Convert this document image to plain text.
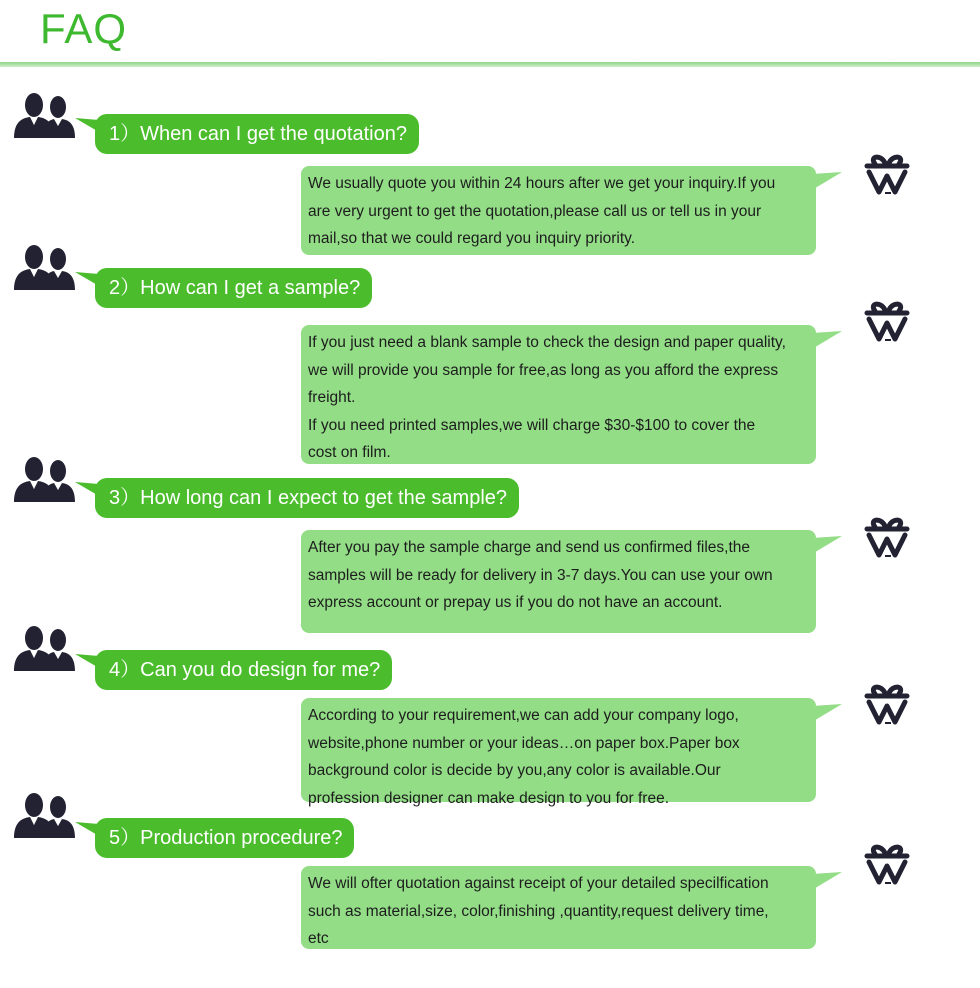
FAQ
1）When can I get the quotation?
We usually quote you within 24 hours after we get your inquiry.If you
are very urgent to get the quotation,please call us or tell us in your
mail,so that we could regard you inquiry priority.
2）How can I get a sample?
If you just need a blank sample to check the design and paper quality,
we will provide you sample for free,as long as you afford the express
freight.
If you need printed samples,we will charge $30-$100 to cover the
cost on film.
3）How long can I expect to get the sample?
After you pay the sample charge and send us confirmed files,the
samples will be ready for delivery in 3-7 days.You can use your own
express account or prepay us if you do not have an account.
4）Can you do design for me?
According to your requirement,we can add your company logo,
website,phone number or your ideas…on paper box.Paper box
background color is decide by you,any color is available.Our
profession designer can make design to you for free.
5）Production procedure?
We will ofter quotation against receipt of your detailed specilfication
such as material,size, color,finishing ,quantity,request delivery time,
etc
